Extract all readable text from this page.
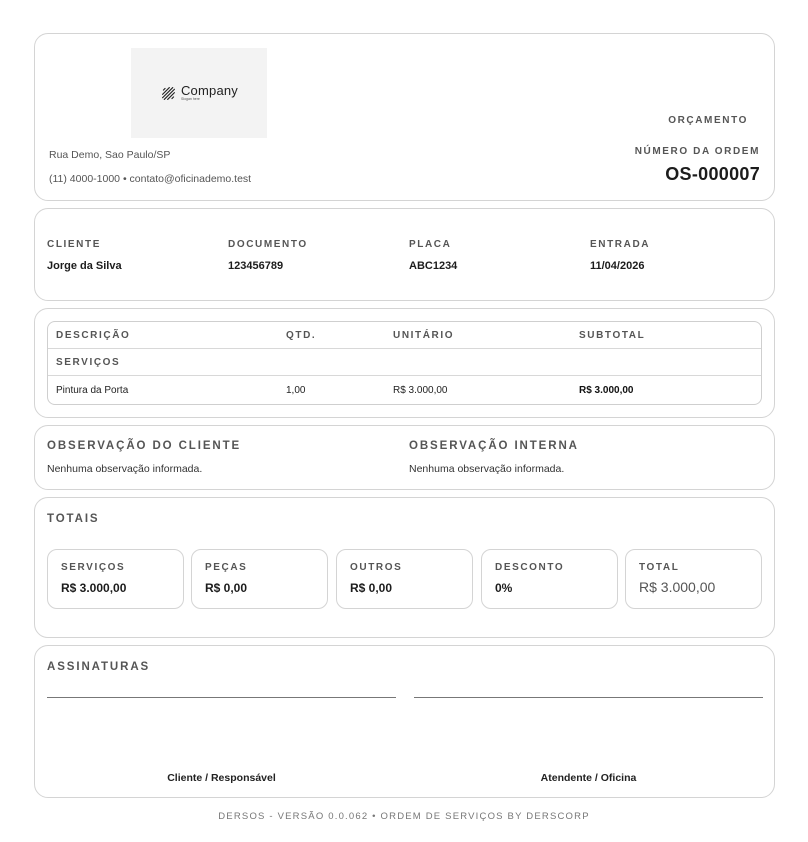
Company
Slogan here
Rua Demo, Sao Paulo/SP
(11) 4000-1000 • contato@oficinademo.test
ORÇAMENTO
NÚMERO DA ORDEM
OS-000007
CLIENTE
Jorge da Silva
DOCUMENTO
123456789
PLACA
ABC1234
ENTRADA
11/04/2026
DESCRIÇÃO	QTD.	UNITÁRIO	SUBTOTAL
SERVIÇOS
Pintura da Porta	1,00	R$ 3.000,00	R$ 3.000,00
OBSERVAÇÃO DO CLIENTE
Nenhuma observação informada.
OBSERVAÇÃO INTERNA
Nenhuma observação informada.
TOTAIS
SERVIÇOS
R$ 3.000,00
PEÇAS
R$ 0,00
OUTROS
R$ 0,00
DESCONTO
0%
TOTAL
R$ 3.000,00
ASSINATURAS
Cliente / Responsável	Atendente / Oficina
DERSOS - VERSÃO 0.0.062 • ORDEM DE SERVIÇOS BY DERSCORP
